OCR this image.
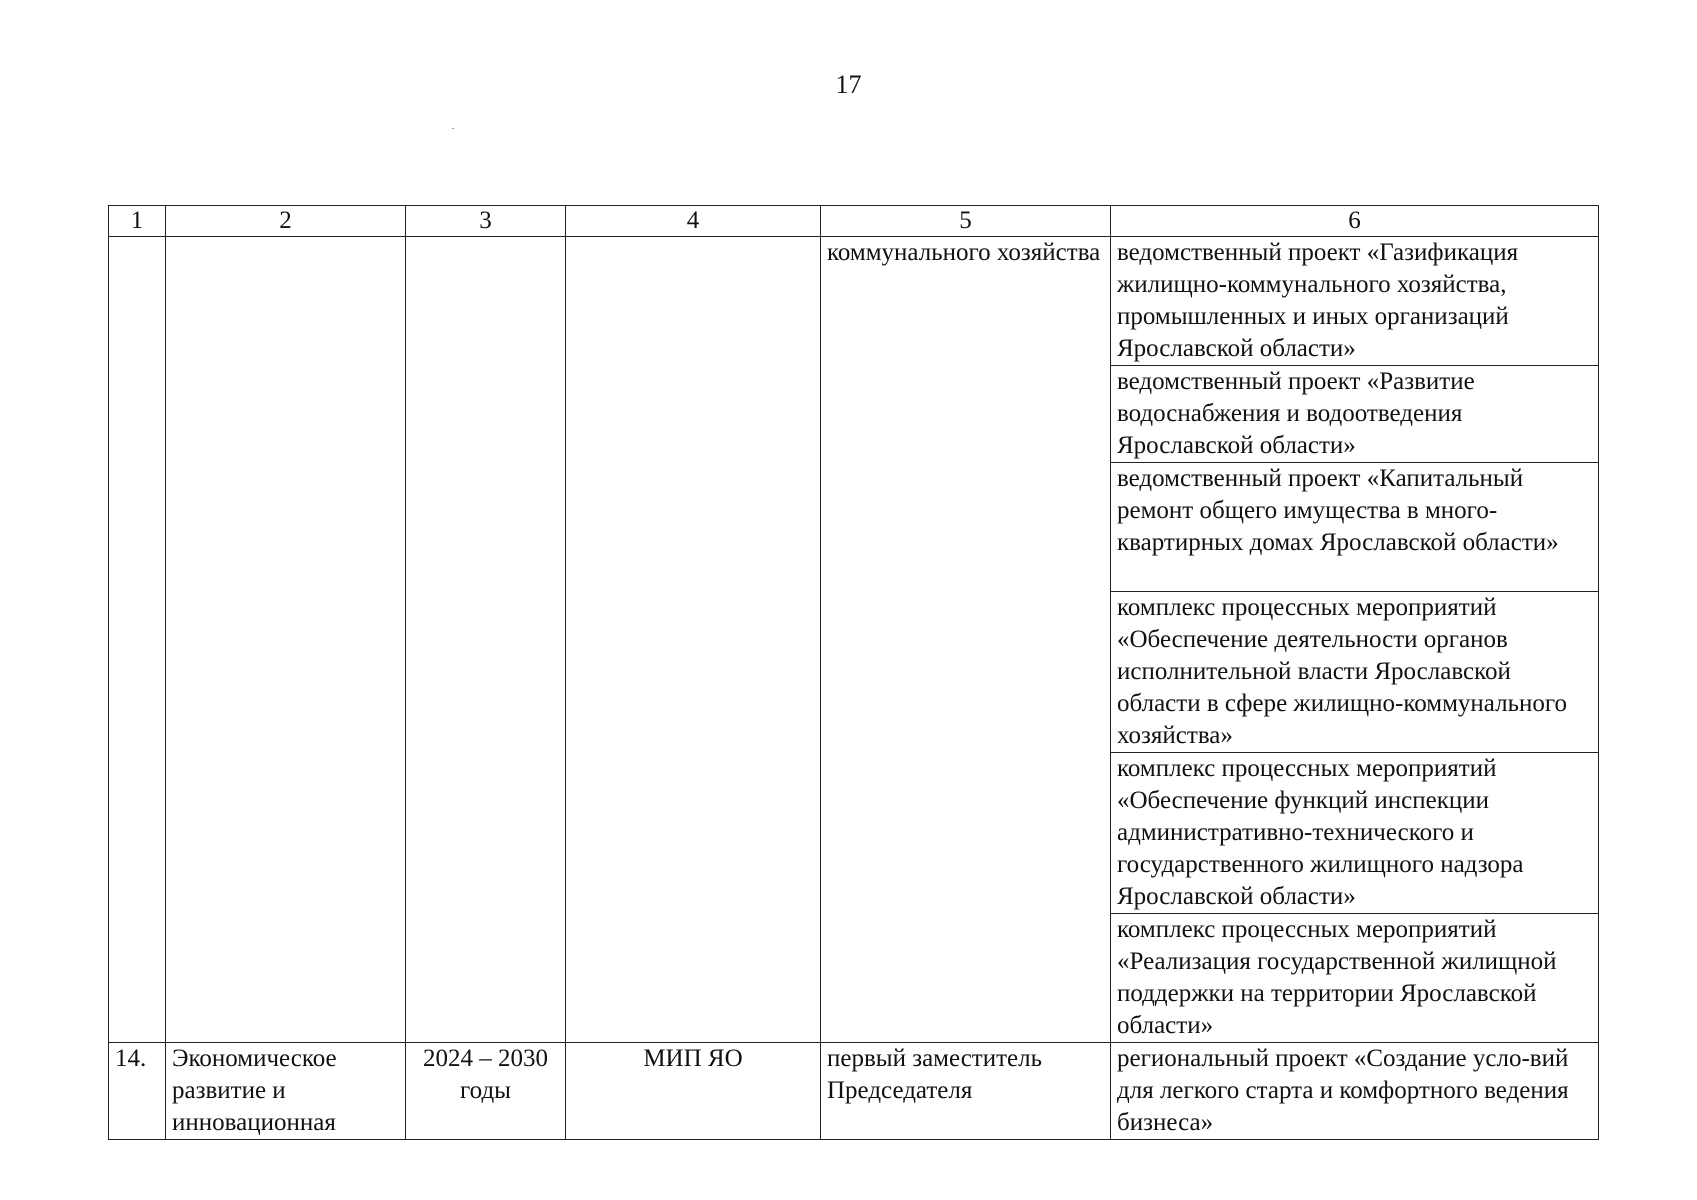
17
1	2	3	4	5	6
				коммунального хозяйства	ведомственный проект «Газификация жилищно-коммунального хозяйства, промышленных и иных организаций Ярославской области»
					ведомственный проект «Развитие водоснабжения и водоотведения Ярославской области»
					ведомственный проект «Капитальный ремонт общего имущества в много-квартирных домах Ярославской области»
					комплекс процессных мероприятий «Обеспечение деятельности органов исполнительной власти Ярославской области в сфере жилищно-коммунального хозяйства»
					комплекс процессных мероприятий «Обеспечение функций инспекции административно-технического и государственного жилищного надзора Ярославской области»
					комплекс процессных мероприятий «Реализация государственной жилищной поддержки на территории Ярославской области»
14.	Экономическое развитие и инновационная	2024 – 2030 годы	МИП ЯО	первый заместитель Председателя	региональный проект «Создание усло-вий для легкого старта и комфортного ведения бизнеса»
